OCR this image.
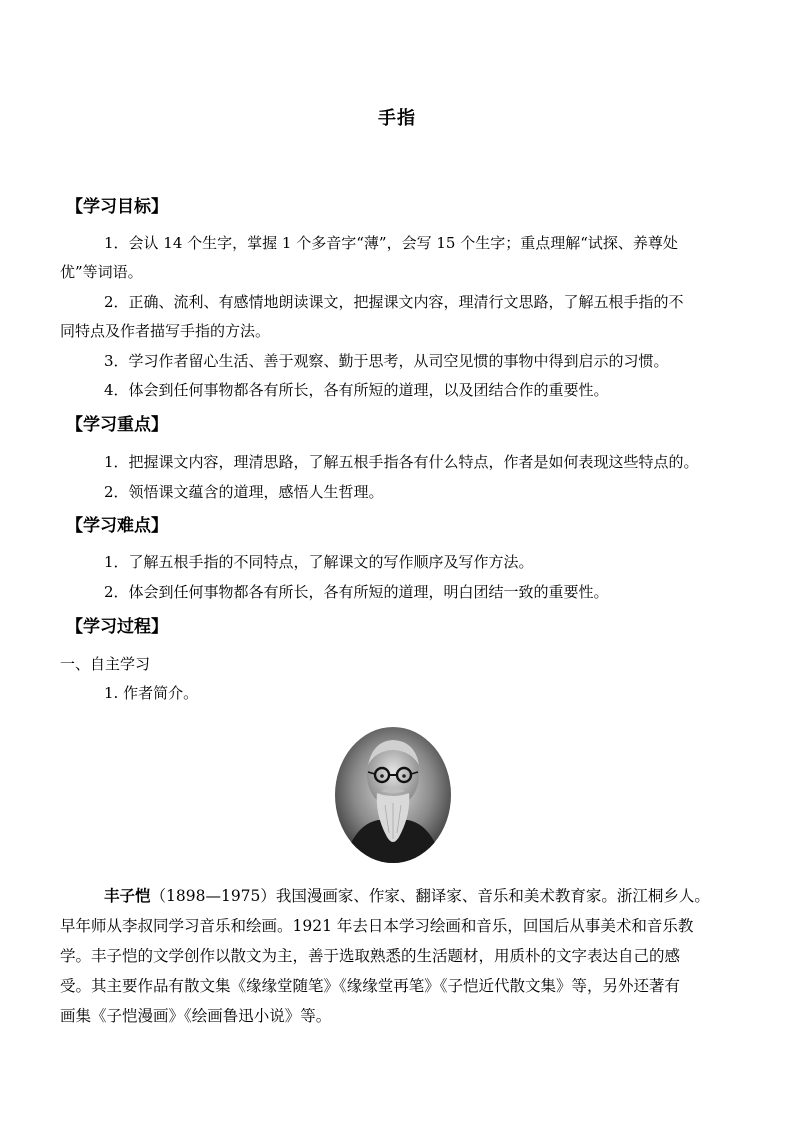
手指
【学习目标】
1．会认 14 个生字，掌握 1 个多音字“薄”，会写 15 个生字；重点理解“试探、养尊处
优”等词语。
2．正确、流利、有感情地朗读课文，把握课文内容，理清行文思路，了解五根手指的不
同特点及作者描写手指的方法。
3．学习作者留心生活、善于观察、勤于思考，从司空见惯的事物中得到启示的习惯。
4．体会到任何事物都各有所长，各有所短的道理，以及团结合作的重要性。
【学习重点】
1．把握课文内容，理清思路，了解五根手指各有什么特点，作者是如何表现这些特点的。
2．领悟课文蕴含的道理，感悟人生哲理。
【学习难点】
1．了解五根手指的不同特点，了解课文的写作顺序及写作方法。
2．体会到任何事物都各有所长，各有所短的道理，明白团结一致的重要性。
【学习过程】
一、自主学习
1. 作者简介。
丰子恺（1898—1975）我国漫画家、作家、翻译家、音乐和美术教育家。浙江桐乡人。
早年师从李叔同学习音乐和绘画。1921 年去日本学习绘画和音乐，回国后从事美术和音乐教
学。丰子恺的文学创作以散文为主，善于选取熟悉的生活题材，用质朴的文字表达自己的感
受。其主要作品有散文集《缘缘堂随笔》《缘缘堂再笔》《子恺近代散文集》等，另外还著有
画集《子恺漫画》《绘画鲁迅小说》等。
